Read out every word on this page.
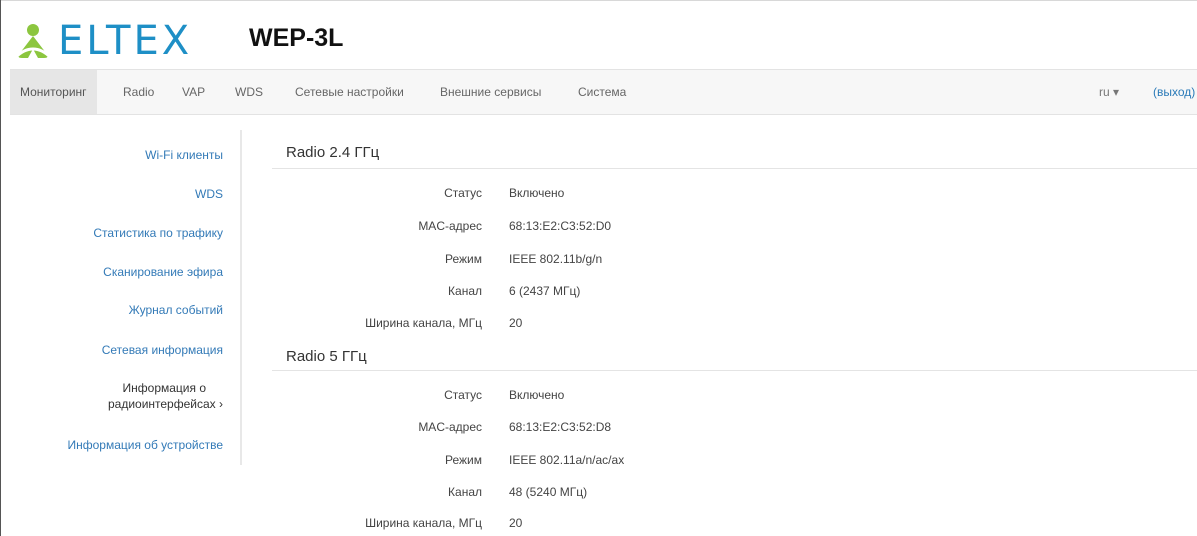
ELTEX WEP-3L
Мониторинг	Radio VAP WDS	Сетевые настройки	Внешние сервисы	Система	ru ▾	(выход)
Wi-Fi клиенты
WDS
Статистика по трафику
Сканирование эфира
Журнал событий
Сетевая информация
Информация о
радиоинтерфейсах ›
Информация об устройстве
Radio 2.4 ГГц
Статус Включено
MAC-адрес 68:13:E2:C3:52:D0
Режим IEEE 802.11b/g/n
Канал 6 (2437 МГц)
Ширина канала, МГц 20
Radio 5 ГГц
Статус Включено
MAC-адрес 68:13:E2:C3:52:D8
Режим IEEE 802.11a/n/ac/ax
Канал 48 (5240 МГц)
Ширина канала, МГц 20
